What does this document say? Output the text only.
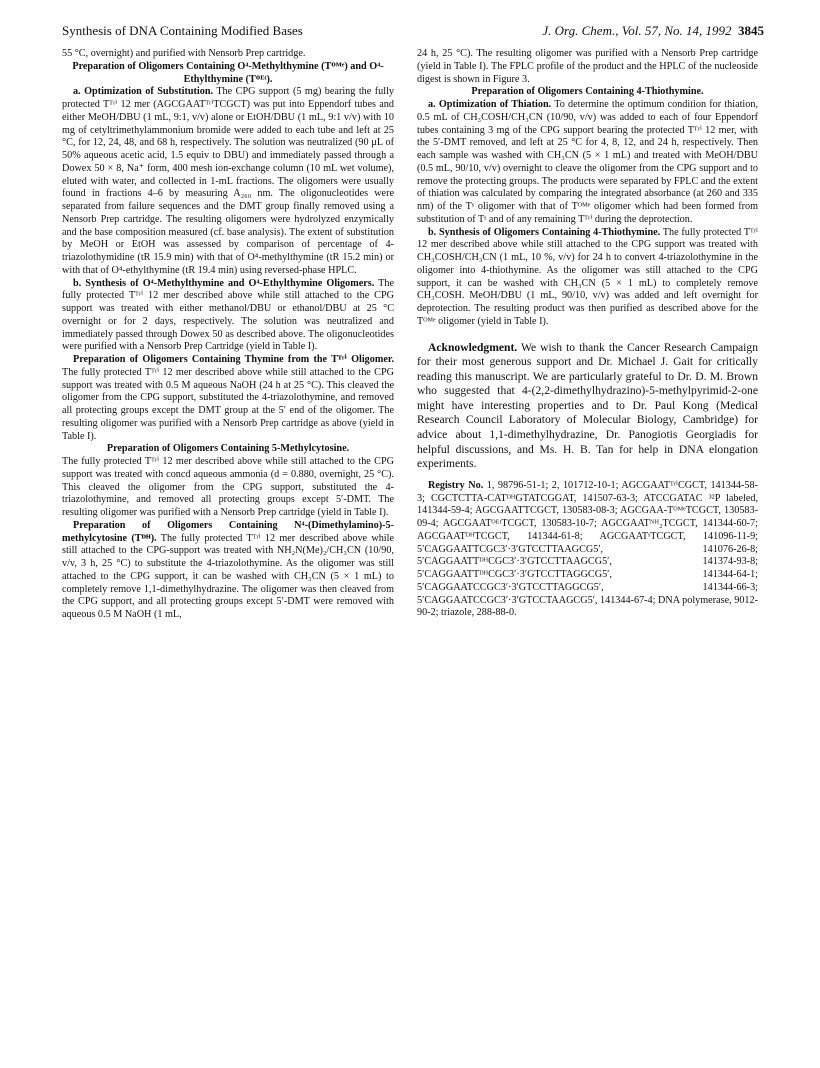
Synthesis of DNA Containing Modified Bases	J. Org. Chem., Vol. 57, No. 14, 1992 3845

55 °C, overnight) and purified with Nensorb Prep cartridge.

Preparation of Oligomers Containing O⁴-Methylthymine (Tᴼᴹᵉ) and O⁴-Ethylthymine (Tᴼᴱᵗ).

a. Optimization of Substitution. The CPG support (5 mg) bearing the fully protected Tᵀʳⁱ 12 mer (AGCGAATᵀʳⁱTCGCT) was put into Eppendorf tubes and either MeOH/DBU (1 mL, 9:1, v/v) alone or EtOH/DBU (1 mL, 9:1 v/v) with 10 mg of cetyltrimethylammonium bromide were added to each tube and left at 25 °C, for 12, 24, 48, and 68 h, respectively. The solution was neutralized (90 μL of 50% aqueous acetic acid, 1.5 equiv to DBU) and immediately passed through a Dowex 50 × 8, Na⁺ form, 400 mesh ion-exchange column (10 mL wet volume), eluted with water, and collected in 1-mL fractions. The oligomers were usually found in fractions 4–6 by measuring A₂₆₀ nm. The oligonucleotides were separated from failure sequences and the DMT group finally removed using a Nensorb Prep cartridge. The resulting oligomers were hydrolyzed enzymically and the base composition measured (cf. base analysis). The extent of substitution by MeOH or EtOH was assessed by comparison of percentage of 4-triazolothymidine (tR 15.9 min) with that of O⁴-methylthymine (tR 15.2 min) or with that of O⁴-ethylthymine (tR 19.4 min) using reversed-phase HPLC.

b. Synthesis of O⁴-Methylthymine and O⁴-Ethylthymine Oligomers. The fully protected Tᵀʳⁱ 12 mer described above while still attached to the CPG support was treated with either methanol/DBU or ethanol/DBU at 25 °C overnight or for 2 days, respectively. The solution was neutralized and immediately passed through Dowex 50 as described above. The oligonucleotides were purified with a Nensorb Prep Cartridge (yield in Table I).

Preparation of Oligomers Containing Thymine from the Tᵀʳⁱ Oligomer. The fully protected Tᵀʳⁱ 12 mer described above while still attached to the CPG support was treated with 0.5 M aqueous NaOH (24 h at 25 °C). This cleaved the oligomer from the CPG support, substituted the 4-triazolothymine, and removed all protecting groups except the DMT group at the 5′ end of the oligomer. The resulting oligomer was purified with a Nensorb Prep cartridge as above (yield in Table I).

Preparation of Oligomers Containing 5-Methylcytosine.

The fully protected Tᵀʳⁱ 12 mer described above while still attached to the CPG support was treated with concd aqueous ammonia (d = 0.880, overnight, 25 °C). This cleaved the oligomer from the CPG support, substituted the 4-triazolothymine, and removed all protecting groups except 5′-DMT. The resulting oligomer was purified with a Nensorb Prep cartridge (yield in Table I).

Preparation of Oligomers Containing N⁴-(Dimethylamino)-5-methylcytosine (Tᴰᴴ). The fully protected Tᵀʳⁱ 12 mer described above while still attached to the CPG-support was treated with NH₂N(Me)₂/CH₃CN (10/90, v/v, 3 h, 25 °C) to substitute the 4-triazolothymine. As the oligomer was still attached to the CPG support, it can be washed with CH₃CN (5 × 1 mL) to completely remove 1,1-dimethylhydrazine. The oligomer was then cleaved from the CPG support, and all protecting groups except 5′-DMT were removed with aqueous 0.5 M NaOH (1 mL,

24 h, 25 °C). The resulting oligomer was purified with a Nensorb Prep cartridge (yield in Table I). The FPLC profile of the product and the HPLC of the nucleoside digest is shown in Figure 3.

Preparation of Oligomers Containing 4-Thiothymine.

a. Optimization of Thiation. To determine the optimum condition for thiation, 0.5 mL of CH₃COSH/CH₃CN (10/90, v/v) was added to each of four Eppendorf tubes containing 3 mg of the CPG support bearing the protected Tᵀʳⁱ 12 mer, with the 5′-DMT removed, and left at 25 °C for 4, 8, 12, and 24 h, respectively. Then each sample was washed with CH₃CN (5 × 1 mL) and treated with MeOH/DBU (0.5 mL, 90/10, v/v) overnight to cleave the oligomer from the CPG support and to remove the protecting groups. The products were separated by FPLC and the extent of thiation was calculated by comparing the integrated absorbance (at 260 and 335 nm) of the Tˢ oligomer with that of Tᴼᴹᵉ oligomer which had been formed from substitution of Tˢ and of any remaining Tᵀʳⁱ during the deprotection.

b. Synthesis of Oligomers Containing 4-Thiothymine. The fully protected Tᵀʳⁱ 12 mer described above while still attached to the CPG support was treated with CH₃COSH/CH₃CN (1 mL, 10 %, v/v) for 24 h to convert 4-triazolothymine in the oligomer into 4-thiothymine. As the oligomer was still attached to the CPG support, it can be washed with CH₃CN (5 × 1 mL) to completely remove CH₃COSH. MeOH/DBU (1 mL, 90/10, v/v) was added and left overnight for deprotection. The resulting product was then purified as described above for the Tᴼᴹᵉ oligomer (yield in Table I).

Acknowledgment. We wish to thank the Cancer Research Campaign for their most generous support and Dr. Michael J. Gait for critically reading this manuscript. We are particularly grateful to Dr. D. M. Brown who suggested that 4-(2,2-dimethylhydrazino)-5-methylpyrimid-2-one might have interesting properties and to Dr. Paul Kong (Medical Research Council Laboratory of Molecular Biology, Cambridge) for advice about 1,1-dimethylhydrazine, Dr. Panogiotis Georgiadis for helpful discussions, and Ms. H. B. Tan for help in DNA elongation experiments.

Registry No. 1, 98796-51-1; 2, 101712-10-1; AGCGAATᵀʳⁱCGCT, 141344-58-3; CGCTCTTA-CATᴰᴴGTATCGGAT, 141507-63-3; ATCCGATAC ³²P labeled, 141344-59-4; AGCGAATTCGCT, 130583-08-3; AGCGAA-TᴼᴹᵉTCGCT, 130583-09-4; AGCGAATᴼᴱᵗTCGCT, 130583-10-7; AGCGAATᴺᴴ₂TCGCT, 141344-60-7; AGCGAATᴰᴴTCGCT, 141344-61-8; AGCGAATˢTCGCT, 141096-11-9; 5′CAGGAATTCGC3′·3′GTCCTTAAGCG5′, 141076-26-8; 5′CAGGAATTᴰᴴCGC3′·3′GTCCTTAAGCG5′, 141374-93-8; 5′CAGGAATTᴰᴴCGC3′·3′GTCCTTAGGCG5′, 141344-64-1; 5′CAGGAATCCGC3′·3′GTCCTTAGGCG5′, 141344-66-3; 5′CAGGAATCCGC3′·3′GTCCTAAGCG5′, 141344-67-4; DNA polymerase, 9012-90-2; triazole, 288-88-0.
